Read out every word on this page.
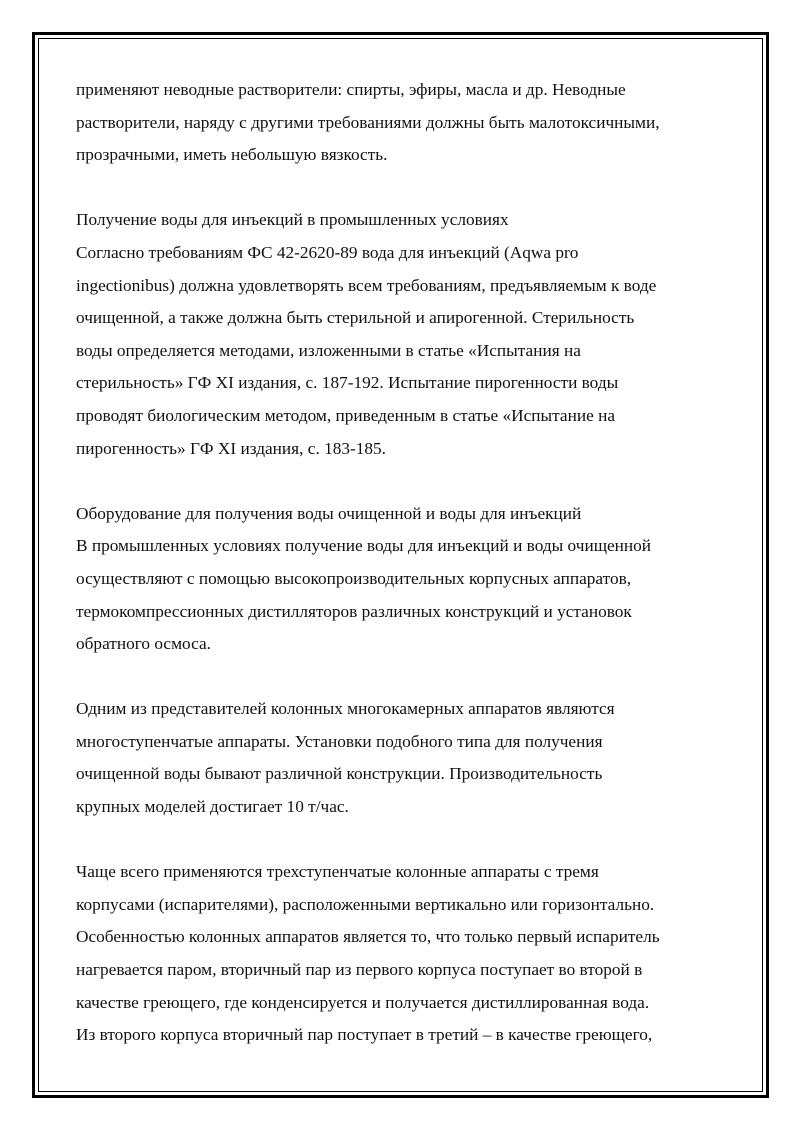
применяют неводные растворители: спирты, эфиры, масла и др. Неводные
растворители, наряду с другими требованиями должны быть малотоксичными,
прозрачными, иметь небольшую вязкость.
Получение воды для инъекций в промышленных условиях
Согласно требованиям ФС 42-2620-89 вода для инъекций (Aqwa pro
ingectionibus) должна удовлетворять всем требованиям, предъявляемым к воде
очищенной, а также должна быть стерильной и апирогенной. Стерильность
воды определяется методами, изложенными в статье «Испытания на
стерильность» ГФ XI издания, с. 187-192. Испытание пирогенности воды
проводят биологическим методом, приведенным в статье «Испытание на
пирогенность» ГФ XI издания, с. 183-185.
Оборудование для получения воды очищенной и воды для инъекций
В промышленных условиях получение воды для инъекций и воды очищенной
осуществляют с помощью высокопроизводительных корпусных аппаратов,
термокомпрессионных дистилляторов различных конструкций и установок
обратного осмоса.
Одним из представителей колонных многокамерных аппаратов являются
многоступенчатые аппараты. Установки подобного типа для получения
очищенной воды бывают различной конструкции. Производительность
крупных моделей достигает 10 т/час.
Чаще всего применяются трехступенчатые колонные аппараты с тремя
корпусами (испарителями), расположенными вертикально или горизонтально.
Особенностью колонных аппаратов является то, что только первый испаритель
нагревается паром, вторичный пар из первого корпуса поступает во второй в
качестве греющего, где конденсируется и получается дистиллированная вода.
Из второго корпуса вторичный пар поступает в третий – в качестве греющего,
